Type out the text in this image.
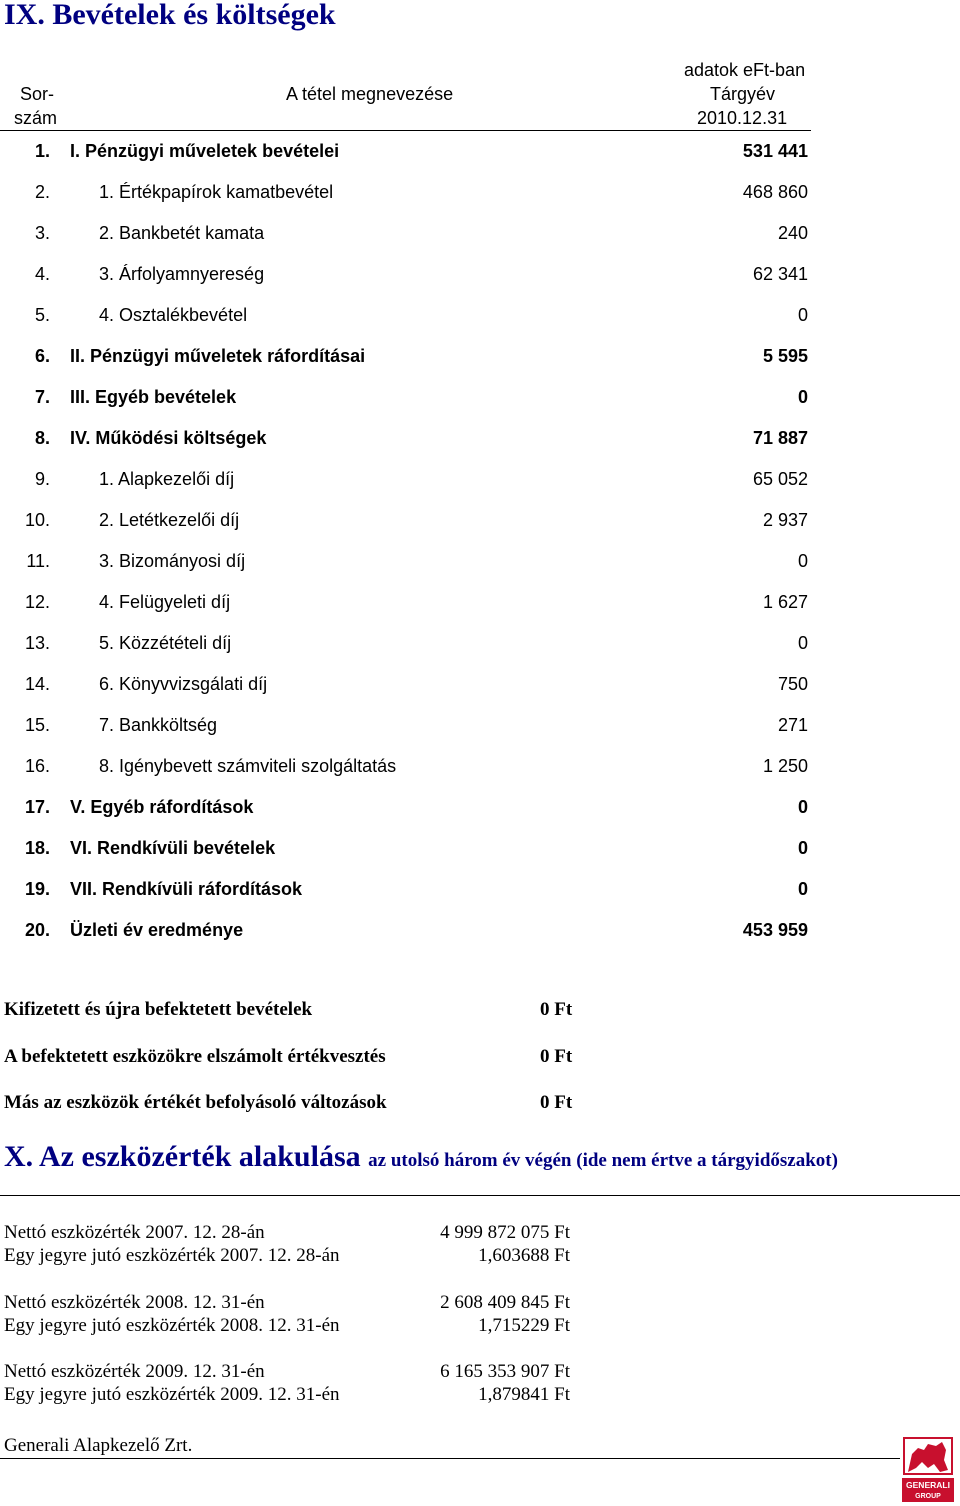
IX. Bevételek és költségek
adatok eFt-ban
Sor-
szám
A tétel megnevezése	Tárgyév
2010.12.31
1. I. Pénzügyi műveletek bevételei	531 441
2.	1. Értékpapírok kamatbevétel	468 860
3.	2. Bankbetét kamata	240
4.	3. Árfolyamnyereség	62 341
5.	4. Osztalékbevétel	0
6. II. Pénzügyi műveletek ráfordításai	5 595
7. III. Egyéb bevételek	0
8. IV. Működési költségek	71 887
9.	1. Alapkezelői díj	65 052
10.	2. Letétkezelői díj	2 937
11.	3. Bizományosi díj	0
12.	4. Felügyeleti díj	1 627
13.	5. Közzétételi díj	0
14.	6. Könyvvizsgálati díj	750
15.	7. Bankköltség	271
16.	8. Igénybevett számviteli szolgáltatás	1 250
17. V. Egyéb ráfordítások	0
18. VI. Rendkívüli bevételek	0
19. VII. Rendkívüli ráfordítások	0
20. Üzleti év eredménye	453 959
Kifizetett és újra befektetett bevételek	0 Ft
A befektetett eszközökre elszámolt értékvesztés	0 Ft
Más az eszközök értékét befolyásoló változások	0 Ft
X. Az eszközérték alakulása az utolsó három év végén (ide nem értve a tárgyidőszakot)
Nettó eszközérték 2007. 12. 28-án	4 999 872 075 Ft
Egy jegyre jutó eszközérték 2007. 12. 28-án	1,603688 Ft
Nettó eszközérték 2008. 12. 31-én	2 608 409 845 Ft
Egy jegyre jutó eszközérték 2008. 12. 31-én	1,715229 Ft
Nettó eszközérték 2009. 12. 31-én	6 165 353 907 Ft
Egy jegyre jutó eszközérték 2009. 12. 31-én	1,879841 Ft
Generali Alapkezelő Zrt.
GENERALI
GROUP
